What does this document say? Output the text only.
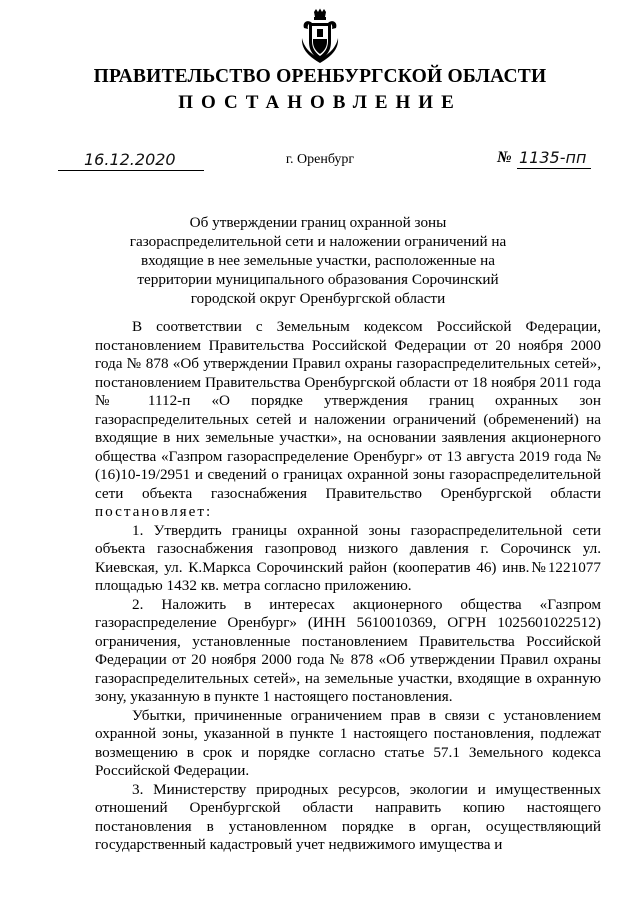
ПРАВИТЕЛЬСТВО ОРЕНБУРГСКОЙ ОБЛАСТИ
ПОСТАНОВЛЕНИЕ
16.12.2020	г. Оренбург	№ 1135-пп
Об утверждении границ охранной зоны газораспределительной сети и наложении ограничений на входящие в нее земельные участки, расположенные на территории муниципального образования Сорочинский городской округ Оренбургской области

В соответствии с Земельным кодексом Российской Федерации, постановлением Правительства Российской Федерации от 20 ноября 2000 года № 878 «Об утверждении Правил охраны газораспределительных сетей», постановлением Правительства Оренбургской области от 18 ноября 2011 года № 1112-п «О порядке утверждения границ охранных зон газораспределительных сетей и наложении ограничений (обременений) на входящие в них земельные участки», на основании заявления акционерного общества «Газпром газораспределение Оренбург» от 13 августа 2019 года № (16)10-19/2951 и сведений о границах охранной зоны газораспределительной сети объекта газоснабжения Правительство Оренбургской области постановляет:

1. Утвердить границы охранной зоны газораспределительной сети объекта газоснабжения газопровод низкого давления г. Сорочинск ул. Киевская, ул. К.Маркса Сорочинский район (кооператив 46) инв.№1221077 площадью 1432 кв. метра согласно приложению.

2. Наложить в интересах акционерного общества «Газпром газораспределение Оренбург» (ИНН 5610010369, ОГРН 1025601022512) ограничения, установленные постановлением Правительства Российской Федерации от 20 ноября 2000 года № 878 «Об утверждении Правил охраны газораспределительных сетей», на земельные участки, входящие в охранную зону, указанную в пункте 1 настоящего постановления.

Убытки, причиненные ограничением прав в связи с установлением охранной зоны, указанной в пункте 1 настоящего постановления, подлежат возмещению в срок и порядке согласно статье 57.1 Земельного кодекса Российской Федерации.

3. Министерству природных ресурсов, экологии и имущественных отношений Оренбургской области направить копию настоящего постановления в установленном порядке в орган, осуществляющий государственный кадастровый учет недвижимого имущества и
